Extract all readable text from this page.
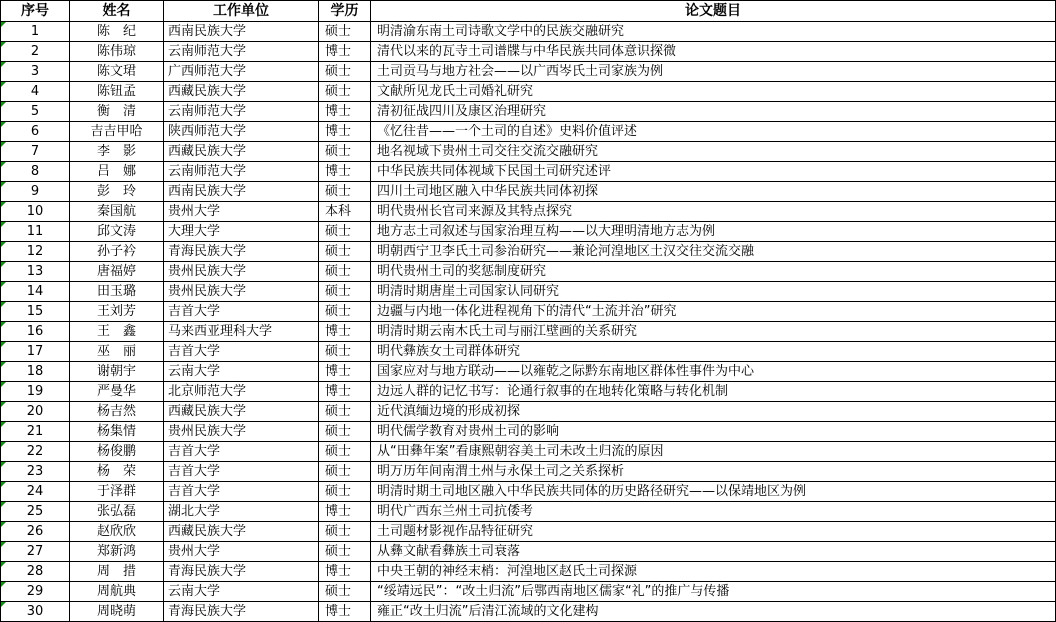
序号	姓名	工作单位	学历	论文题目
1	陈　纪	西南民族大学	硕士	明清渝东南土司诗歌文学中的民族交融研究
2	陈伟琼	云南师范大学	博士	清代以来的瓦寺土司谱牒与中华民族共同体意识探微
3	陈文珺	广西师范大学	硕士	土司贡马与地方社会——以广西岑氏土司家族为例
4	陈钮孟	西藏民族大学	硕士	文献所见龙氏土司婚礼研究
5	衡　清	云南师范大学	博士	清初征战四川及康区治理研究
6	吉吉甲哈	陕西师范大学	博士	《忆往昔——一个土司的自述》史料价值评述
7	李　影	西藏民族大学	硕士	地名视域下贵州土司交往交流交融研究
8	吕　娜	云南师范大学	博士	中华民族共同体视域下民国土司研究述评
9	彭　玲	西南民族大学	硕士	四川土司地区融入中华民族共同体初探
10	秦国航	贵州大学	本科	明代贵州长官司来源及其特点探究
11	邱文涛	大理大学	硕士	地方志土司叙述与国家治理互构——以大理明清地方志为例
12	孙子衿	青海民族大学	硕士	明朝西宁卫李氏土司参治研究——兼论河湟地区土汉交往交流交融
13	唐福婷	贵州民族大学	硕士	明代贵州土司的奖惩制度研究
14	田玉璐	贵州民族大学	硕士	明清时期唐崖土司国家认同研究
15	王刘芳	吉首大学	硕士	边疆与内地一体化进程视角下的清代“土流并治”研究
16	王　鑫	马来西亚理科大学	博士	明清时期云南木氏土司与丽江壁画的关系研究
17	巫　丽	吉首大学	硕士	明代彝族女土司群体研究
18	谢朝宇	云南大学	博士	国家应对与地方联动——以雍乾之际黔东南地区群体性事件为中心
19	严曼华	北京师范大学	博士	边远人群的记忆书写：论通行叙事的在地转化策略与转化机制
20	杨吉然	西藏民族大学	硕士	近代滇缅边境的形成初探
21	杨集情	贵州民族大学	硕士	明代儒学教育对贵州土司的影响
22	杨俊鹏	吉首大学	硕士	从“田彝年案”看康熙朝容美土司未改土归流的原因
23	杨　荣	吉首大学	硕士	明万历年间南渭土州与永保土司之关系探析
24	于泽群	吉首大学	硕士	明清时期土司地区融入中华民族共同体的历史路径研究——以保靖地区为例
25	张弘磊	湖北大学	博士	明代广西东兰州土司抗倭考
26	赵欣欣	西藏民族大学	硕士	土司题材影视作品特征研究
27	郑新鸿	贵州大学	硕士	从彝文献看彝族土司衰落
28	周　措	青海民族大学	博士	中央王朝的神经末梢：河湟地区赵氏土司探源
29	周航典	云南大学	硕士	“绥靖远民”：“改土归流”后鄂西南地区儒家“礼”的推广与传播
30	周晓萌	青海民族大学	博士	雍正“改土归流”后清江流域的文化建构
